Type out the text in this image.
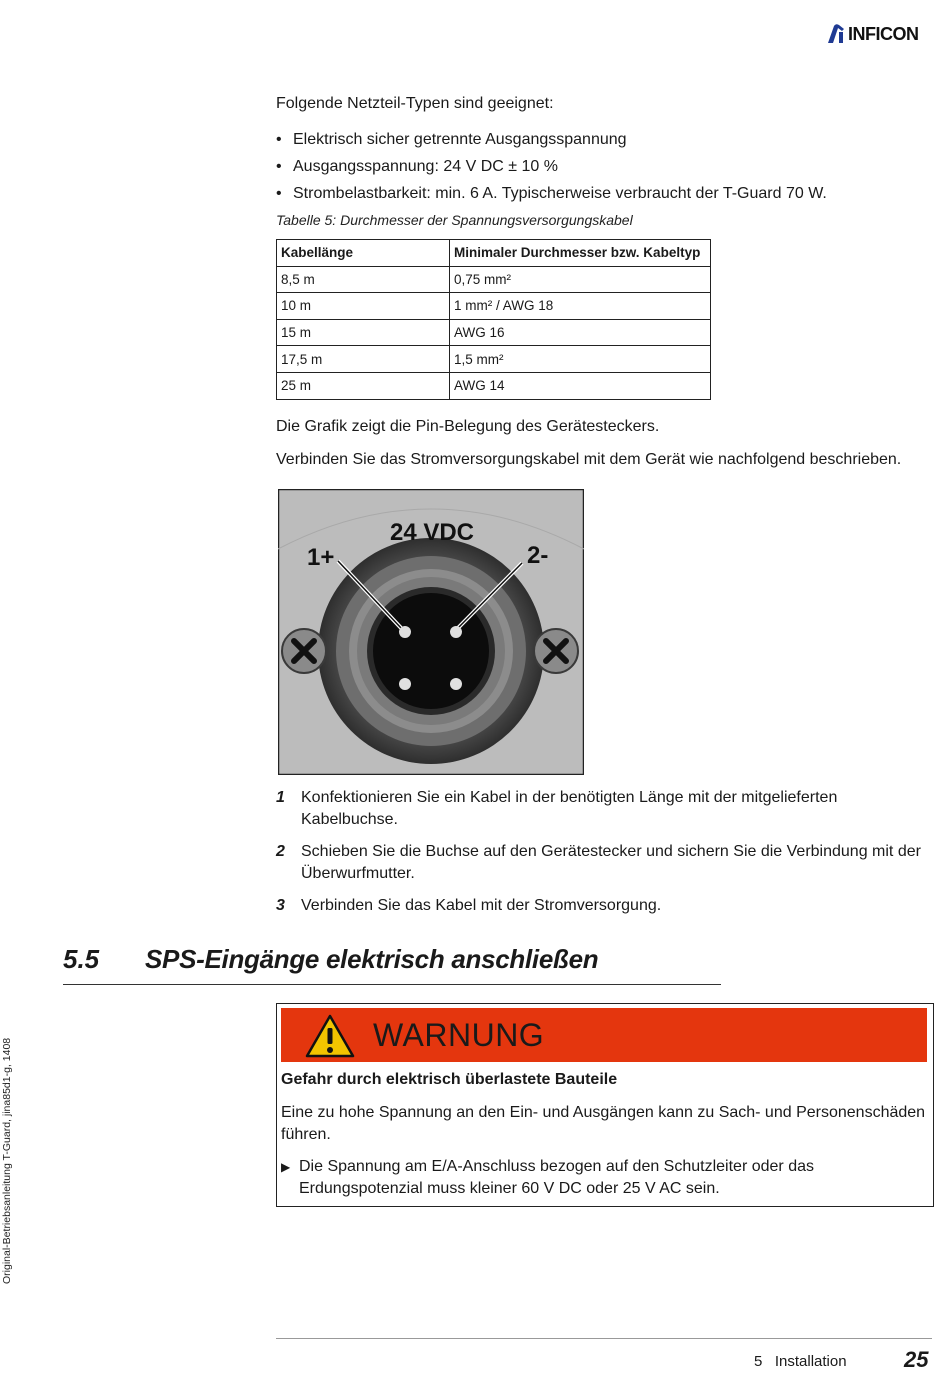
INFICON
Folgende Netzteil-Typen sind geeignet:
• Elektrisch sicher getrennte Ausgangsspannung
• Ausgangsspannung: 24 V DC ± 10 %
• Strombelastbarkeit: min. 6 A. Typischerweise verbraucht der T-Guard 70 W.
Tabelle 5: Durchmesser der Spannungsversorgungskabel
Kabellänge	Minimaler Durchmesser bzw. Kabeltyp
8,5 m	0,75 mm²
10 m	1 mm² / AWG 18
15 m	AWG 16
17,5 m	1,5 mm²
25 m	AWG 14
Die Grafik zeigt die Pin-Belegung des Gerätesteckers.
Verbinden Sie das Stromversorgungskabel mit dem Gerät wie nachfolgend beschrieben.
24 VDC
1+	2-
1 Konfektionieren Sie ein Kabel in der benötigten Länge mit der mitgelieferten Kabelbuchse.
2 Schieben Sie die Buchse auf den Gerätestecker und sichern Sie die Verbindung mit der Überwurfmutter.
3 Verbinden Sie das Kabel mit der Stromversorgung.
5.5 SPS-Eingänge elektrisch anschließen
WARNUNG
Gefahr durch elektrisch überlastete Bauteile
Eine zu hohe Spannung an den Ein- und Ausgängen kann zu Sach- und Personenschäden führen.
▶ Die Spannung am E/A-Anschluss bezogen auf den Schutzleiter oder das Erdungspotenzial muss kleiner 60 V DC oder 25 V AC sein.
Original-Betriebsanleitung T-Guard, jina85d1-g, 1408
5   Installation	25
